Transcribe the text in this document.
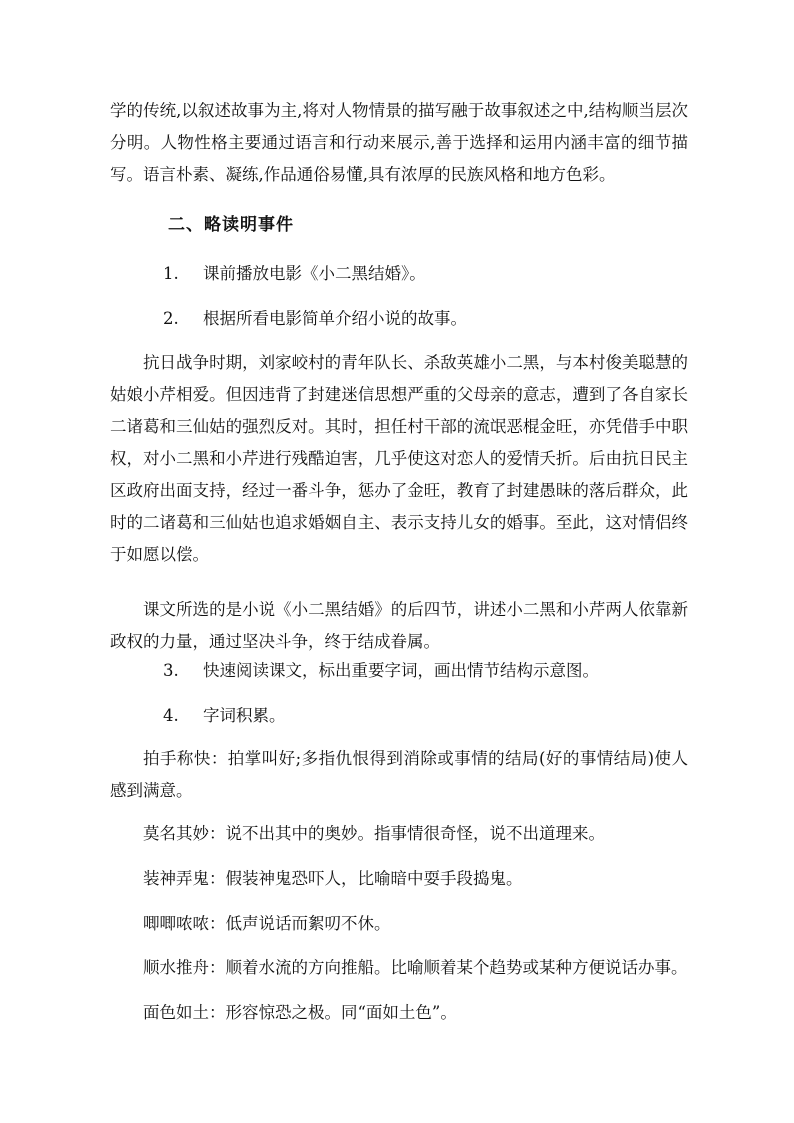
学的传统,以叙述故事为主,将对人物情景的描写融于故事叙述之中,结构顺当层次分明。人物性格主要通过语言和行动来展示,善于选择和运用内涵丰富的细节描写。语言朴素、凝练,作品通俗易懂,具有浓厚的民族风格和地方色彩。

二、略读明事件

1. 课前播放电影《小二黑结婚》。

2. 根据所看电影简单介绍小说的故事。

抗日战争时期，刘家峧村的青年队长、杀敌英雄小二黑，与本村俊美聪慧的姑娘小芹相爱。但因违背了封建迷信思想严重的父母亲的意志，遭到了各自家长二诸葛和三仙姑的强烈反对。其时，担任村干部的流氓恶棍金旺，亦凭借手中职权，对小二黑和小芹进行残酷迫害，几乎使这对恋人的爱情夭折。后由抗日民主区政府出面支持，经过一番斗争，惩办了金旺，教育了封建愚昧的落后群众，此时的二诸葛和三仙姑也追求婚姻自主、表示支持儿女的婚事。至此，这对情侣终于如愿以偿。

课文所选的是小说《小二黑结婚》的后四节，讲述小二黑和小芹两人依靠新政权的力量，通过坚决斗争，终于结成眷属。

3. 快速阅读课文，标出重要字词，画出情节结构示意图。

4. 字词积累。

拍手称快：拍掌叫好;多指仇恨得到消除或事情的结局(好的事情结局)使人感到满意。

莫名其妙：说不出其中的奥妙。指事情很奇怪，说不出道理来。

装神弄鬼：假装神鬼恐吓人，比喻暗中耍手段捣鬼。

唧唧哝哝：低声说话而絮叨不休。

顺水推舟：顺着水流的方向推船。比喻顺着某个趋势或某种方便说话办事。

面色如土：形容惊恐之极。同“面如土色”。
